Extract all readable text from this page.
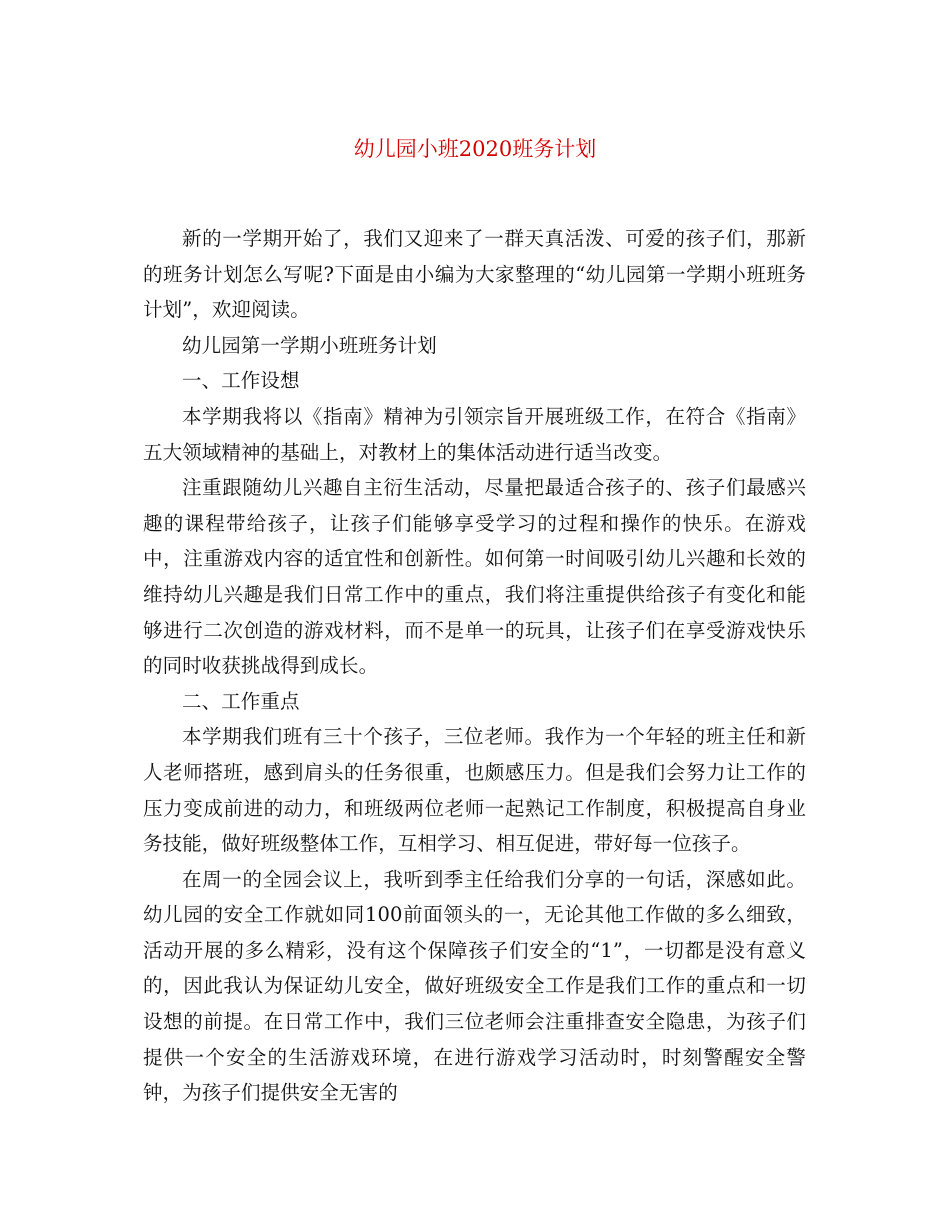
幼儿园小班2020班务计划

新的一学期开始了，我们又迎来了一群天真活泼、可爱的孩子们，那新的班务计划怎么写呢?下面是由小编为大家整理的“幼儿园第一学期小班班务计划”，欢迎阅读。

幼儿园第一学期小班班务计划

一、工作设想

本学期我将以《指南》精神为引领宗旨开展班级工作，在符合《指南》五大领域精神的基础上，对教材上的集体活动进行适当改变。

注重跟随幼儿兴趣自主衍生活动，尽量把最适合孩子的、孩子们最感兴趣的课程带给孩子，让孩子们能够享受学习的过程和操作的快乐。在游戏中，注重游戏内容的适宜性和创新性。如何第一时间吸引幼儿兴趣和长效的维持幼儿兴趣是我们日常工作中的重点，我们将注重提供给孩子有变化和能够进行二次创造的游戏材料，而不是单一的玩具，让孩子们在享受游戏快乐的同时收获挑战得到成长。

二、工作重点

本学期我们班有三十个孩子，三位老师。我作为一个年轻的班主任和新人老师搭班，感到肩头的任务很重，也颇感压力。但是我们会努力让工作的压力变成前进的动力，和班级两位老师一起熟记工作制度，积极提高自身业务技能，做好班级整体工作，互相学习、相互促进，带好每一位孩子。

在周一的全园会议上，我听到季主任给我们分享的一句话，深感如此。幼儿园的安全工作就如同100前面领头的一，无论其他工作做的多么细致，活动开展的多么精彩，没有这个保障孩子们安全的“1”，一切都是没有意义的，因此我认为保证幼儿安全，做好班级安全工作是我们工作的重点和一切设想的前提。在日常工作中，我们三位老师会注重排查安全隐患，为孩子们提供一个安全的生活游戏环境，在进行游戏学习活动时，时刻警醒安全警钟，为孩子们提供安全无害的
